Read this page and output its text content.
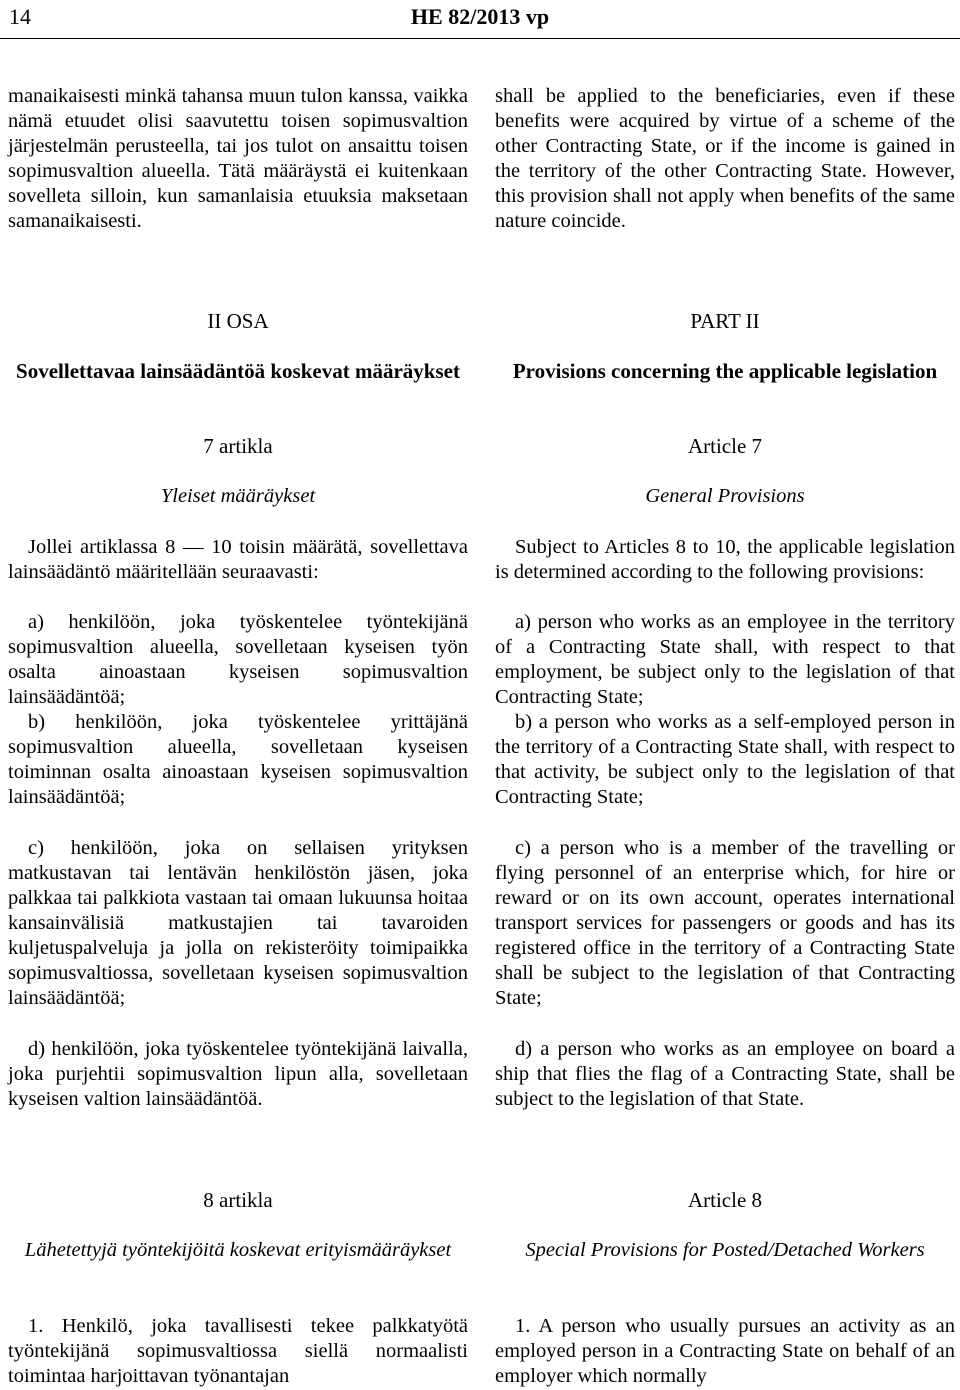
14	HE 82/2013 vp

manaikaisesti minkä tahansa muun tulon kanssa, vaikka nämä etuudet olisi saavutettu toisen sopimusvaltion järjestelmän perusteella, tai jos tulot on ansaittu toisen sopimusvaltion alueella. Tätä määräystä ei kuitenkaan sovelleta silloin, kun samanlaisia etuuksia maksetaan samanaikaisesti.

II OSA

Sovellettavaa lainsäädäntöä koskevat määräykset

7 artikla

Yleiset määräykset

Jollei artiklassa 8 — 10 toisin määrätä, sovellettava lainsäädäntö määritellään seuraavasti:

a) henkilöön, joka työskentelee työntekijänä sopimusvaltion alueella, sovelletaan kyseisen työn osalta ainoastaan kyseisen sopimusvaltion lainsäädäntöä;

b) henkilöön, joka työskentelee yrittäjänä sopimusvaltion alueella, sovelletaan kyseisen toiminnan osalta ainoastaan kyseisen sopimusvaltion lainsäädäntöä;

c) henkilöön, joka on sellaisen yrityksen matkustavan tai lentävän henkilöstön jäsen, joka palkkaa tai palkkiota vastaan tai omaan lukuunsa hoitaa kansainvälisiä matkustajien tai tavaroiden kuljetuspalveluja ja jolla on rekisteröity toimipaikka sopimusvaltiossa, sovelletaan kyseisen sopimusvaltion lainsäädäntöä;

d) henkilöön, joka työskentelee työntekijänä laivalla, joka purjehtii sopimusvaltion lipun alla, sovelletaan kyseisen valtion lainsäädäntöä.

8 artikla

Lähetettyjä työntekijöitä koskevat erityismääräykset

1. Henkilö, joka tavallisesti tekee palkkatyötä työntekijänä sopimusvaltiossa siellä normaalisti toimintaa harjoittavan työnantajan

shall be applied to the beneficiaries, even if these benefits were acquired by virtue of a scheme of the other Contracting State, or if the income is gained in the territory of the other Contracting State. However, this provision shall not apply when benefits of the same nature coincide.

PART II

Provisions concerning the applicable legislation

Article 7

General Provisions

Subject to Articles 8 to 10, the applicable legislation is determined according to the following provisions:

a) person who works as an employee in the territory of a Contracting State shall, with respect to that employment, be subject only to the legislation of that Contracting State;

b) a person who works as a self-employed person in the territory of a Contracting State shall, with respect to that activity, be subject only to the legislation of that Contracting State;

c) a person who is a member of the travelling or flying personnel of an enterprise which, for hire or reward or on its own account, operates international transport services for passengers or goods and has its registered office in the territory of a Contracting State shall be subject to the legislation of that Contracting State;

d) a person who works as an employee on board a ship that flies the flag of a Contracting State, shall be subject to the legislation of that State.

Article 8

Special Provisions for Posted/Detached Workers

1. A person who usually pursues an activity as an employed person in a Contracting State on behalf of an employer which normally
